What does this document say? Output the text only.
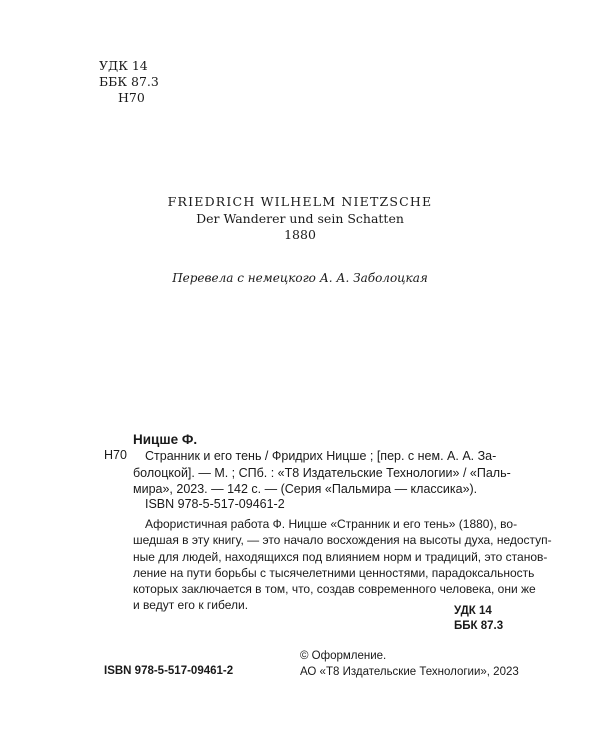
УДК 14
ББК 87.3
Н70
FRIEDRICH WILHELM NIETZSCHE
Der Wanderer und sein Schatten
1880
Перевела с немецкого А. А. Заболоцкая
Ницше Ф.
Н70	Странник и его тень / Фридрих Ницше ; [пер. с нем. А. А. За-
болоцкой]. — М. ; СПб. : «Т8 Издательские Технологии» / «Паль-
мира», 2023. — 142 с. — (Серия «Пальмира — классика»).
ISBN 978-5-517-09461-2
Афористичная работа Ф. Ницше «Странник и его тень» (1880), во-
шедшая в эту книгу, — это начало восхождения на высоты духа, недоступ-
ные для людей, находящихся под влиянием норм и традиций, это станов-
ление на пути борьбы с тысячелетними ценностями, парадоксальность
которых заключается в том, что, создав современного человека, они же
и ведут его к гибели.	УДК 14
ББК 87.3
© Оформление.
АО «Т8 Издательские Технологии», 2023
ISBN 978-5-517-09461-2
